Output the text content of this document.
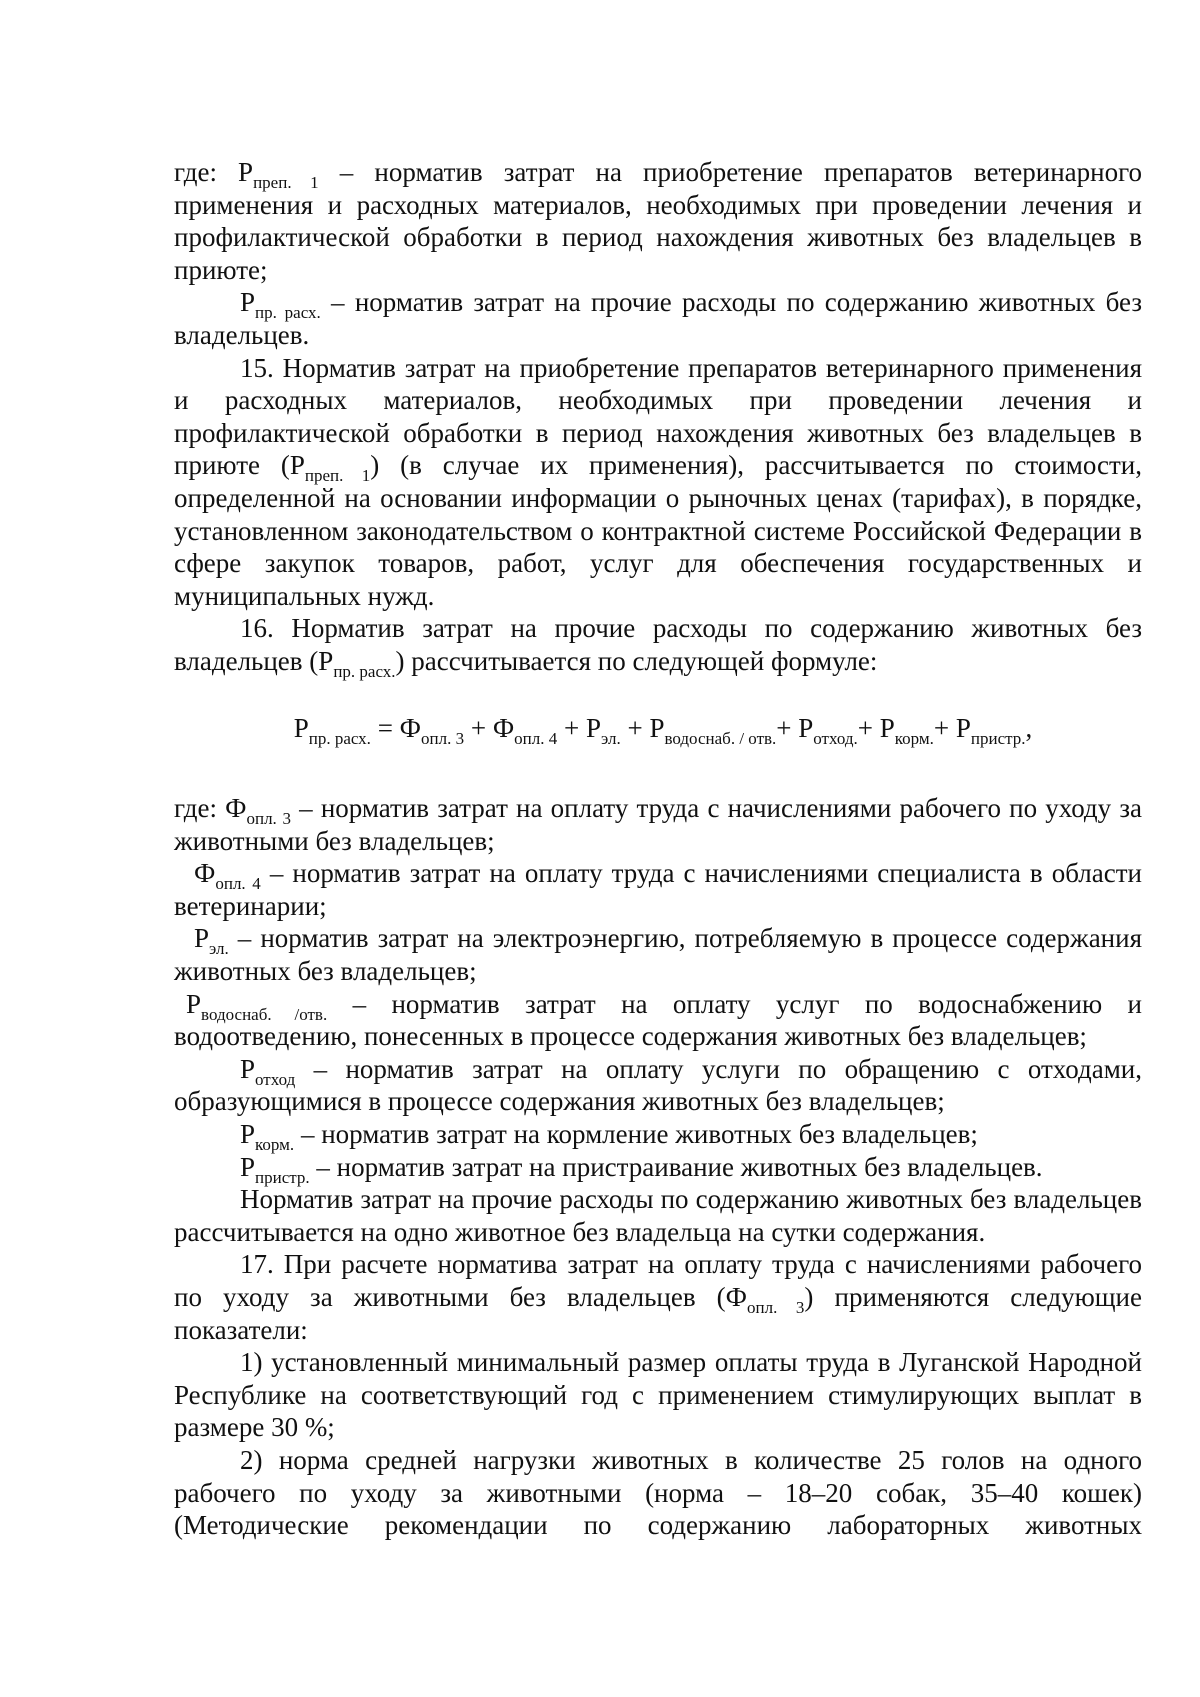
где: $Р_{прeп. 1}$ – норматив затрат на приобретение препаратов ветеринарного применения и расходных материалов, необходимых при проведении лечения и профилактической обработки в период нахождения животных без владельцев в приюте;

$Р_{пр. расх.}$ – норматив затрат на прочие расходы по содержанию животных без владельцев.

15. Норматив затрат на приобретение препаратов ветеринарного применения и расходных материалов, необходимых при проведении лечения и профилактической обработки в период нахождения животных без владельцев в приюте $(Р_{прeп. 1})$ (в случае их применения), рассчитывается по стоимости, определенной на основании информации о рыночных ценах (тарифах), в порядке, установленном законодательством о контрактной системе Российской Федерации в сфере закупок товаров, работ, услуг для обеспечения государственных и муниципальных нужд.

16. Норматив затрат на прочие расходы по содержанию животных без владельцев $(Р_{пр. расх.})$ рассчитывается по следующей формуле:

$Р_{пр. расх.} = Ф_{опл. 3} + Ф_{опл. 4} + Р_{эл.} + Р_{водоснаб. / отв.}+ Р_{отход.}+ Р_{корм.}+ Р_{пристр.}$,

где: $Ф_{опл. 3}$ – норматив затрат на оплату труда с начислениями рабочего по уходу за животными без владельцев;

$Ф_{опл. 4}$ – норматив затрат на оплату труда с начислениями специалиста в области ветеринарии;

$Р_{эл.}$ – норматив затрат на электроэнергию, потребляемую в процессе содержания животных без владельцев;

$Р_{водоснаб. /отв.}$ – норматив затрат на оплату услуг по водоснабжению и водоотведению, понесенных в процессе содержания животных без владельцев;

$Р_{отход}$ – норматив затрат на оплату услуги по обращению с отходами, образующимися в процессе содержания животных без владельцев;

$Р_{корм.}$ – норматив затрат на кормление животных без владельцев;

$Р_{пристр.}$ – норматив затрат на пристраивание животных без владельцев.

Норматив затрат на прочие расходы по содержанию животных без владельцев рассчитывается на одно животное без владельца на сутки содержания.

17. При расчете норматива затрат на оплату труда с начислениями рабочего по уходу за животными без владельцев $(Ф_{опл. 3})$ применяются следующие показатели:

1) установленный минимальный размер оплаты труда в Луганской Народной Республике на соответствующий год с применением стимулирующих выплат в размере 30 %;

2) норма средней нагрузки животных в количестве 25 голов на одного рабочего по уходу за животными (норма – 18–20 собак, 35–40 кошек) (Методические рекомендации по содержанию лабораторных животных
